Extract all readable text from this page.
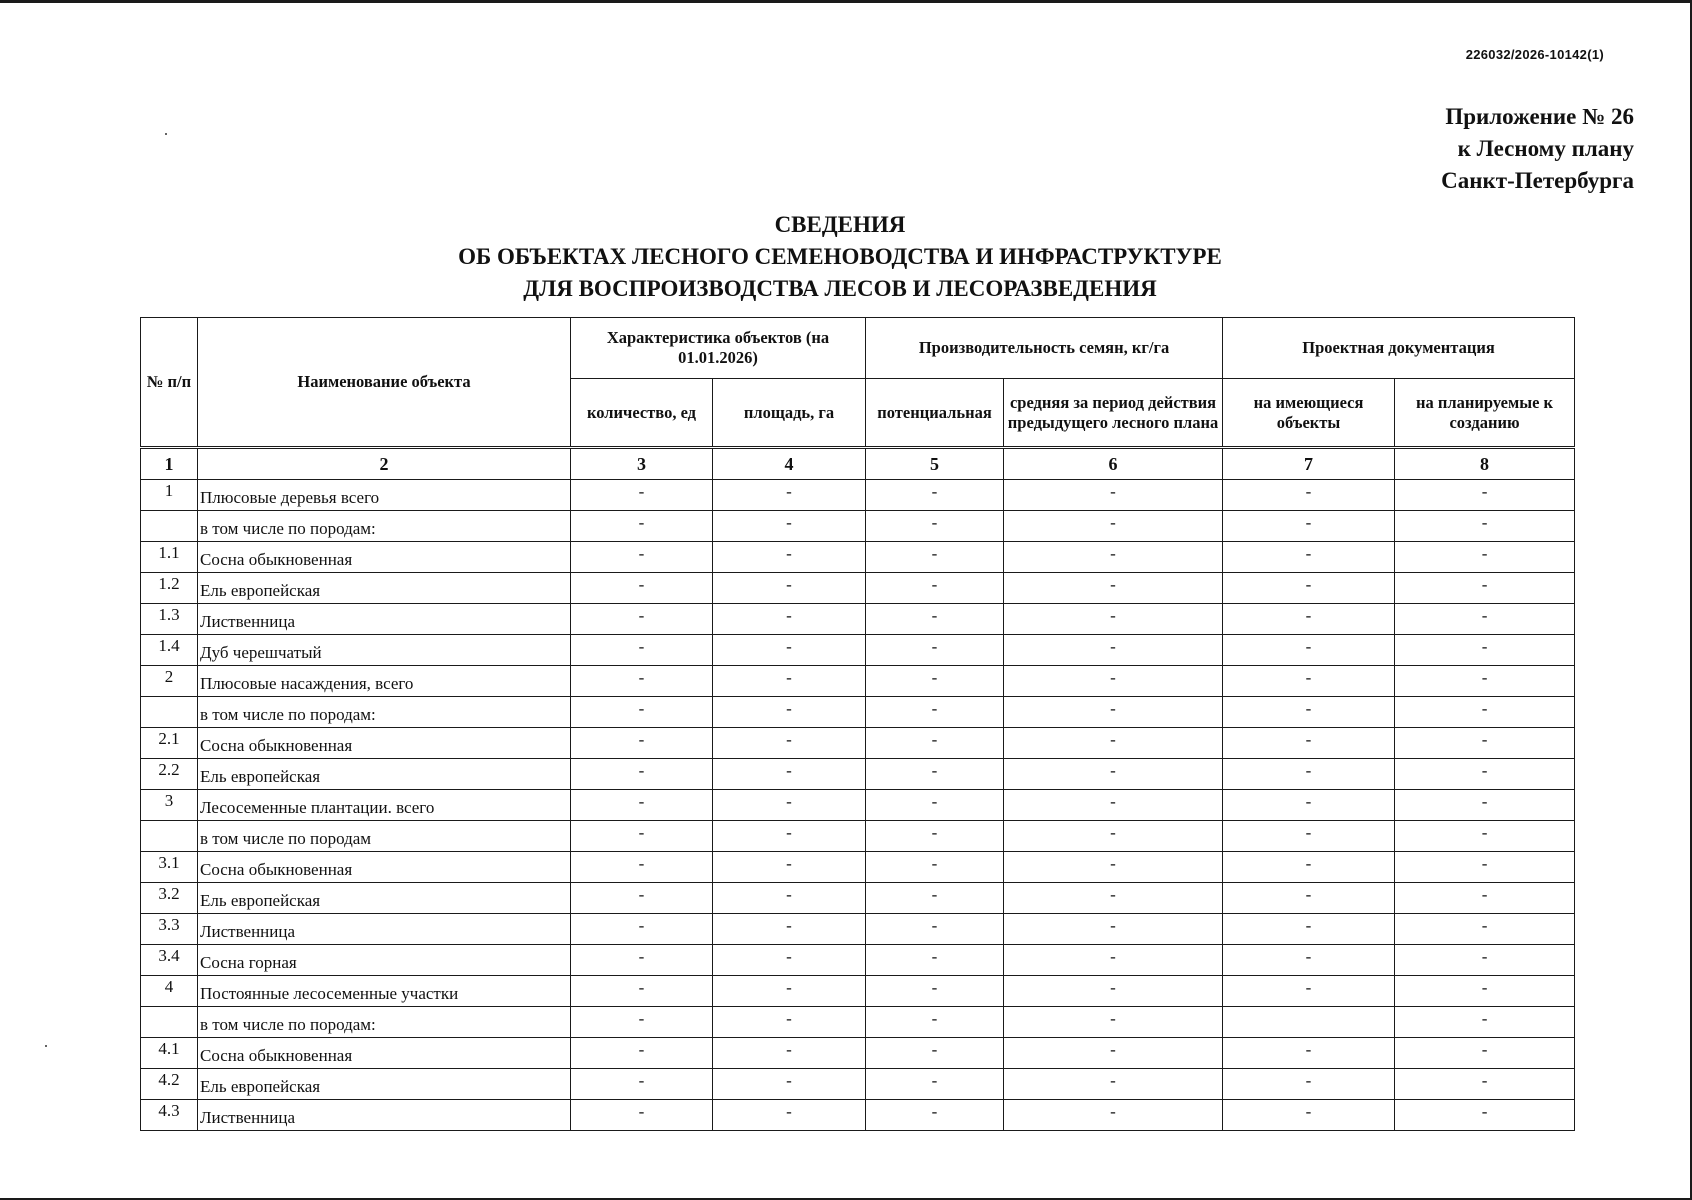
226032/2026-10142(1)
Приложение № 26
к Лесному плану
Санкт-Петербурга
СВЕДЕНИЯ
ОБ ОБЪЕКТАХ ЛЕСНОГО СЕМЕНОВОДСТВА И ИНФРАСТРУКТУРЕ
ДЛЯ ВОСПРОИЗВОДСТВА ЛЕСОВ И ЛЕСОРАЗВЕДЕНИЯ
№ п/п	Наименование объекта	Характеристика объектов (на 01.01.2026)		Производительность семян, кг/га		Проектная документация	
		количество, ед	площадь, га	потенциальная	средняя за период действия предыдущего лесного плана	на имеющиеся объекты	на планируемые к созданию
1	2	3	4	5	6	7	8
1	Плюсовые деревья всего	-	-	-	-	-	-
	в том числе по породам:	-	-	-	-	-	-
1.1	Сосна обыкновенная	-	-	-	-	-	-
1.2	Ель европейская	-	-	-	-	-	-
1.3	Лиственница	-	-	-	-	-	-
1.4	Дуб черешчатый	-	-	-	-	-	-
2	Плюсовые насаждения, всего	-	-	-	-	-	-
	в том числе по породам:	-	-	-	-	-	-
2.1	Сосна обыкновенная	-	-	-	-	-	-
2.2	Ель европейская	-	-	-	-	-	-
3	Лесосеменные плантации. всего	-	-	-	-	-	-
	в том числе по породам	-	-	-	-	-	-
3.1	Сосна обыкновенная	-	-	-	-	-	-
3.2	Ель европейская	-	-	-	-	-	-
3.3	Лиственница	-	-	-	-	-	-
3.4	Сосна горная	-	-	-	-	-	-
4	Постоянные лесосеменные участки	-	-	-	-	-	-
	в том числе по породам:	-	-	-	-		-
4.1	Сосна обыкновенная	-	-	-	-	-	-
4.2	Ель европейская	-	-	-	-	-	-
4.3	Лиственница	-	-	-	-	-	-
